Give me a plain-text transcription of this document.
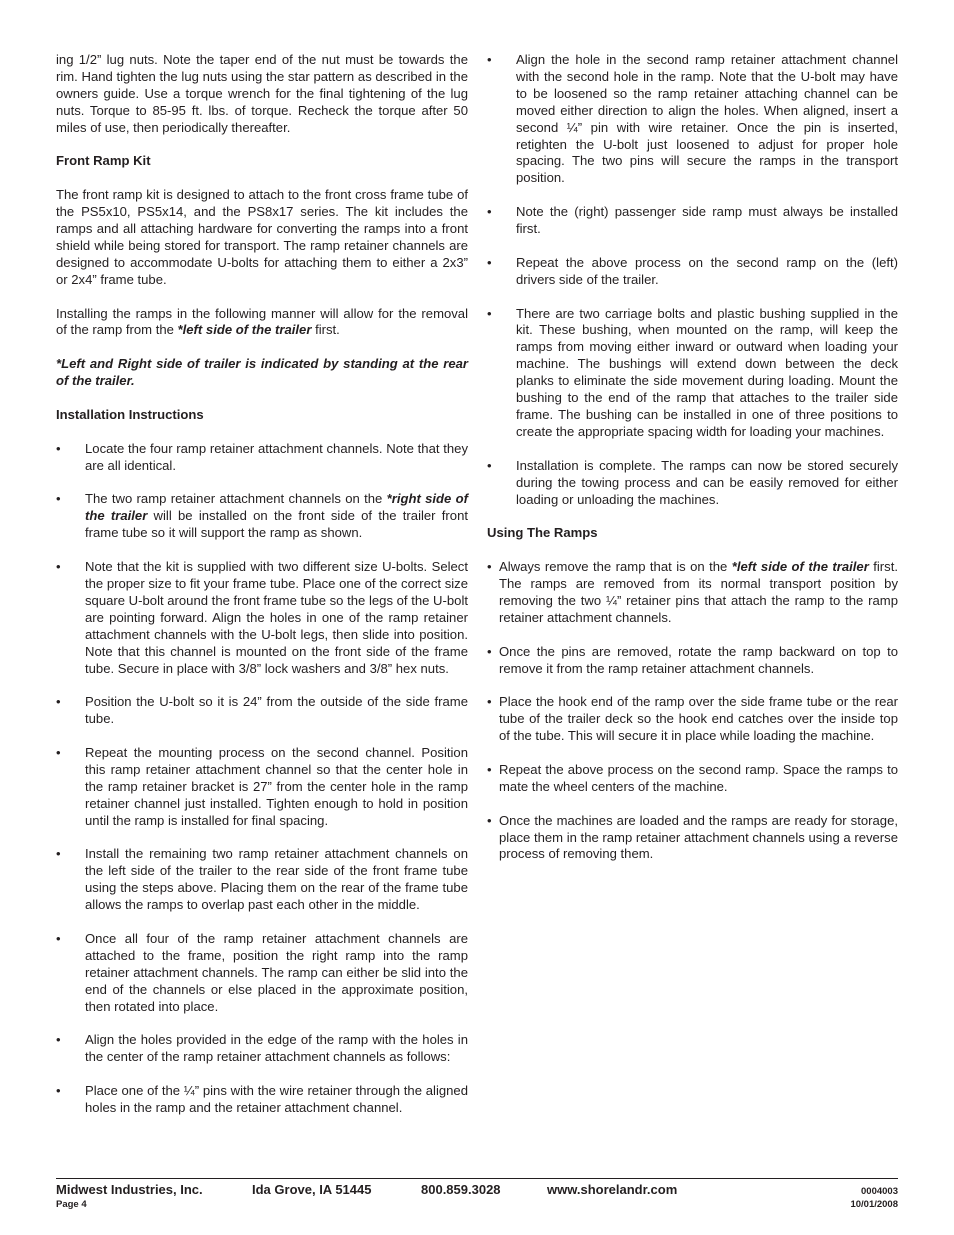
ing 1/2” lug nuts. Note the taper end of the nut must be towards the rim. Hand tighten the lug nuts using the star pattern as described in the owners guide. Use a torque wrench for the final tightening of the lug nuts. Torque to 85-95 ft. lbs. of torque. Recheck the torque after 50 miles of use, then periodically thereafter.

Front Ramp Kit

The front ramp kit is designed to attach to the front cross frame tube of the PS5x10, PS5x14, and the PS8x17 series. The kit includes the ramps and all attaching hardware for converting the ramps into a front shield while being stored for transport. The ramp retainer channels are designed to accommodate U-bolts for attaching them to either a 2x3” or 2x4” frame tube.

Installing the ramps in the following manner will allow for the removal of the ramp from the *left side of the trailer first.

*Left and Right side of trailer is indicated by standing at the rear of the trailer.

Installation Instructions

• Locate the four ramp retainer attachment channels. Note that they are all identical.
• The two ramp retainer attachment channels on the *right side of the trailer will be installed on the front side of the trailer front frame tube so it will support the ramp as shown.
• Note that the kit is supplied with two different size U-bolts. Select the proper size to fit your frame tube. Place one of the correct size square U-bolt around the front frame tube so the legs of the U-bolt are pointing forward. Align the holes in one of the ramp retainer attachment channels with the U-bolt legs, then slide into position. Note that this channel is mounted on the front side of the frame tube. Secure in place with 3/8” lock washers and 3/8” hex nuts.
• Position the U-bolt so it is 24” from the outside of the side frame tube.
• Repeat the mounting process on the second channel. Position this ramp retainer attachment channel so that the center hole in the ramp retainer bracket is 27” from the center hole in the ramp retainer channel just installed. Tighten enough to hold in position until the ramp is installed for final spacing.
• Install the remaining two ramp retainer attachment channels on the left side of the trailer to the rear side of the front frame tube using the steps above. Placing them on the rear of the frame tube allows the ramps to overlap past each other in the middle.
• Once all four of the ramp retainer attachment channels are attached to the frame, position the right ramp into the ramp retainer attachment channels. The ramp can either be slid into the end of the channels or else placed in the approximate position, then rotated into place.
• Align the holes provided in the edge of the ramp with the holes in the center of the ramp retainer attachment channels as follows:
• Place one of the ¼” pins with the wire retainer through the aligned holes in the ramp and the retainer attachment channel.
• Align the hole in the second ramp retainer attachment channel with the second hole in the ramp. Note that the U-bolt may have to be loosened so the ramp retainer attaching channel can be moved either direction to align the holes. When aligned, insert a second ¼” pin with wire retainer. Once the pin is inserted, retighten the U-bolt just loosened to adjust for proper hole spacing. The two pins will secure the ramps in the transport position.
• Note the (right) passenger side ramp must always be installed first.
• Repeat the above process on the second ramp on the (left) drivers side of the trailer.
• There are two carriage bolts and plastic bushing supplied in the kit. These bushing, when mounted on the ramp, will keep the ramps from moving either inward or outward when loading your machine. The bushings will extend down between the deck planks to eliminate the side movement during loading. Mount the bushing to the end of the ramp that attaches to the trailer side frame. The bushing can be installed in one of three positions to create the appropriate spacing width for loading your machines.
• Installation is complete. The ramps can now be stored securely during the towing process and can be easily removed for either loading or unloading the machines.

Using The Ramps

• Always remove the ramp that is on the *left side of the trailer first. The ramps are removed from its normal transport position by removing the two ¼” retainer pins that attach the ramp to the ramp retainer attachment channels.
• Once the pins are removed, rotate the ramp backward on top to remove it from the ramp retainer attachment channels.
• Place the hook end of the ramp over the side frame tube or the rear tube of the trailer deck so the hook end catches over the inside top of the tube. This will secure it in place while loading the machine.
• Repeat the above process on the second ramp. Space the ramps to mate the wheel centers of the machine.
• Once the machines are loaded and the ramps are ready for storage, place them in the ramp retainer attachment channels using a reverse process of removing them.
Midwest Industries, Inc.	Ida Grove, IA 51445	800.859.3028	www.shorelandr.com
Page 4
0004003
10/01/2008
